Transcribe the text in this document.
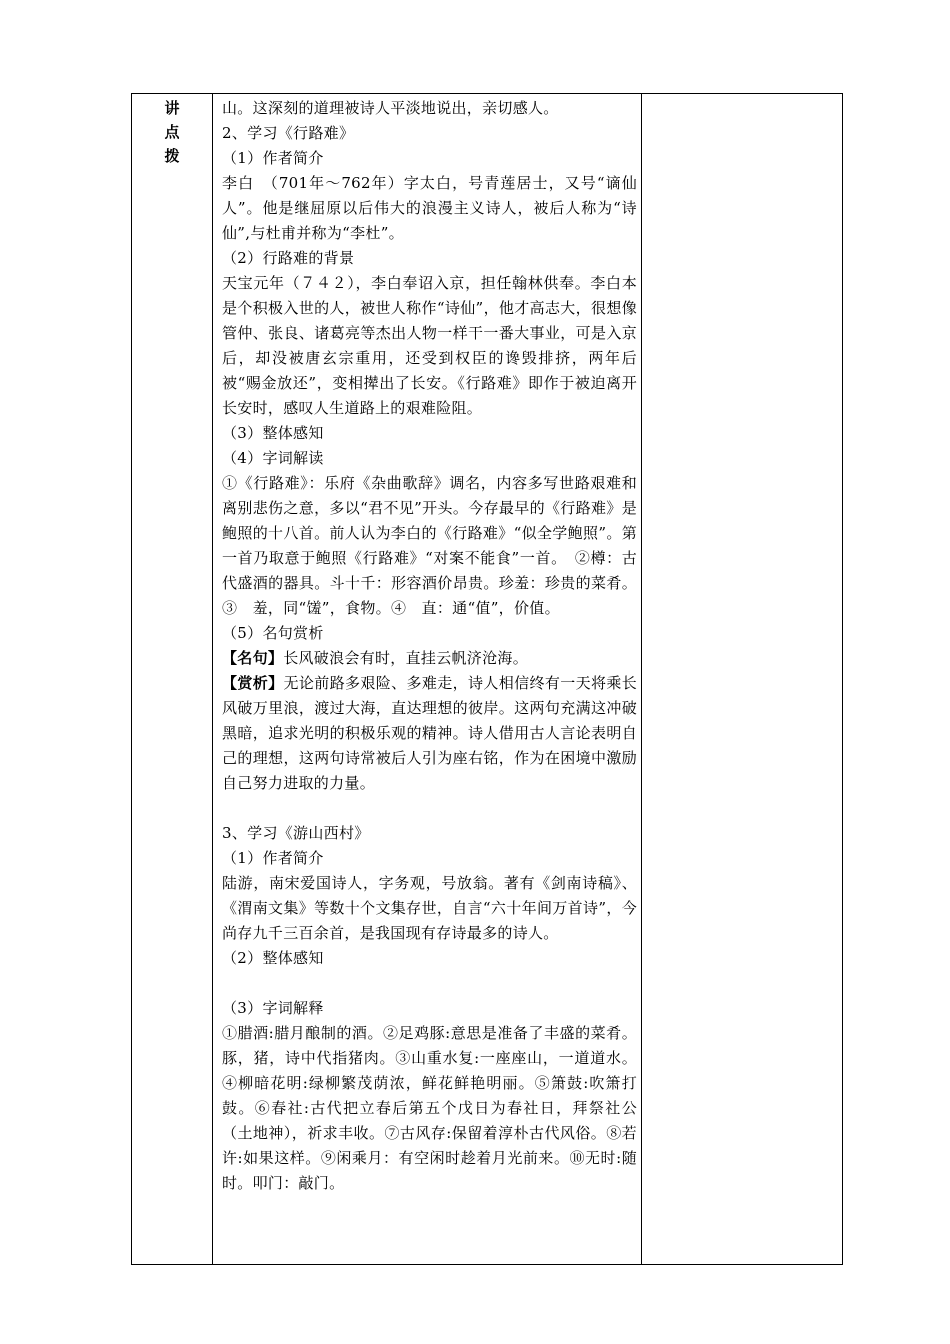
讲
点
拨

山。这深刻的道理被诗人平淡地说出，亲切感人。

2、学习《行路难》

（1）作者简介

李白　（701年～762年）字太白，号青莲居士，又号“谪仙人”。他是继屈原以后伟大的浪漫主义诗人，被后人称为“诗仙”,与杜甫并称为“李杜”。

（2）行路难的背景

天宝元年（７４２），李白奉诏入京，担任翰林供奉。李白本是个积极入世的人，被世人称作“诗仙”，他才高志大，很想像管仲、张良、诸葛亮等杰出人物一样干一番大事业，可是入京后，却没被唐玄宗重用，还受到权臣的谗毁排挤，两年后被“赐金放还”，变相撵出了长安。《行路难》即作于被迫离开长安时，感叹人生道路上的艰难险阻。

（3）整体感知

（4）字词解读

①《行路难》：乐府《杂曲歌辞》调名，内容多写世路艰难和离别悲伤之意，多以“君不见”开头。今存最早的《行路难》是鲍照的十八首。前人认为李白的《行路难》“似全学鲍照”。第一首乃取意于鲍照《行路难》“对案不能食”一首。　②樽：古代盛酒的器具。斗十千：形容酒价昂贵。珍羞：珍贵的菜肴。③　羞，同“馐”，食物。④　直：通“值”，价值。

（5）名句赏析

【名句】长风破浪会有时，直挂云帆济沧海。

【赏析】无论前路多艰险、多难走，诗人相信终有一天将乘长风破万里浪，渡过大海，直达理想的彼岸。这两句充满这冲破黑暗，追求光明的积极乐观的精神。诗人借用古人言论表明自己的理想，这两句诗常被后人引为座右铭，作为在困境中激励自己努力进取的力量。

3、学习《游山西村》

（1）作者简介

陆游，南宋爱国诗人，字务观，号放翁。著有《剑南诗稿》、《渭南文集》等数十个文集存世，自言“六十年间万首诗”，今尚存九千三百余首，是我国现有存诗最多的诗人。

（2）整体感知

（3）字词解释

①腊酒:腊月酿制的酒。②足鸡豚:意思是准备了丰盛的菜肴。豚，猪，诗中代指猪肉。③山重水复:一座座山，一道道水。④柳暗花明:绿柳繁茂荫浓，鲜花鲜艳明丽。⑤箫鼓:吹箫打鼓。⑥春社:古代把立春后第五个戊日为春社日，拜祭社公（土地神），祈求丰收。⑦古风存:保留着淳朴古代风俗。⑧若许:如果这样。⑨闲乘月：有空闲时趁着月光前来。⑩无时:随时。叩门：敲门。
